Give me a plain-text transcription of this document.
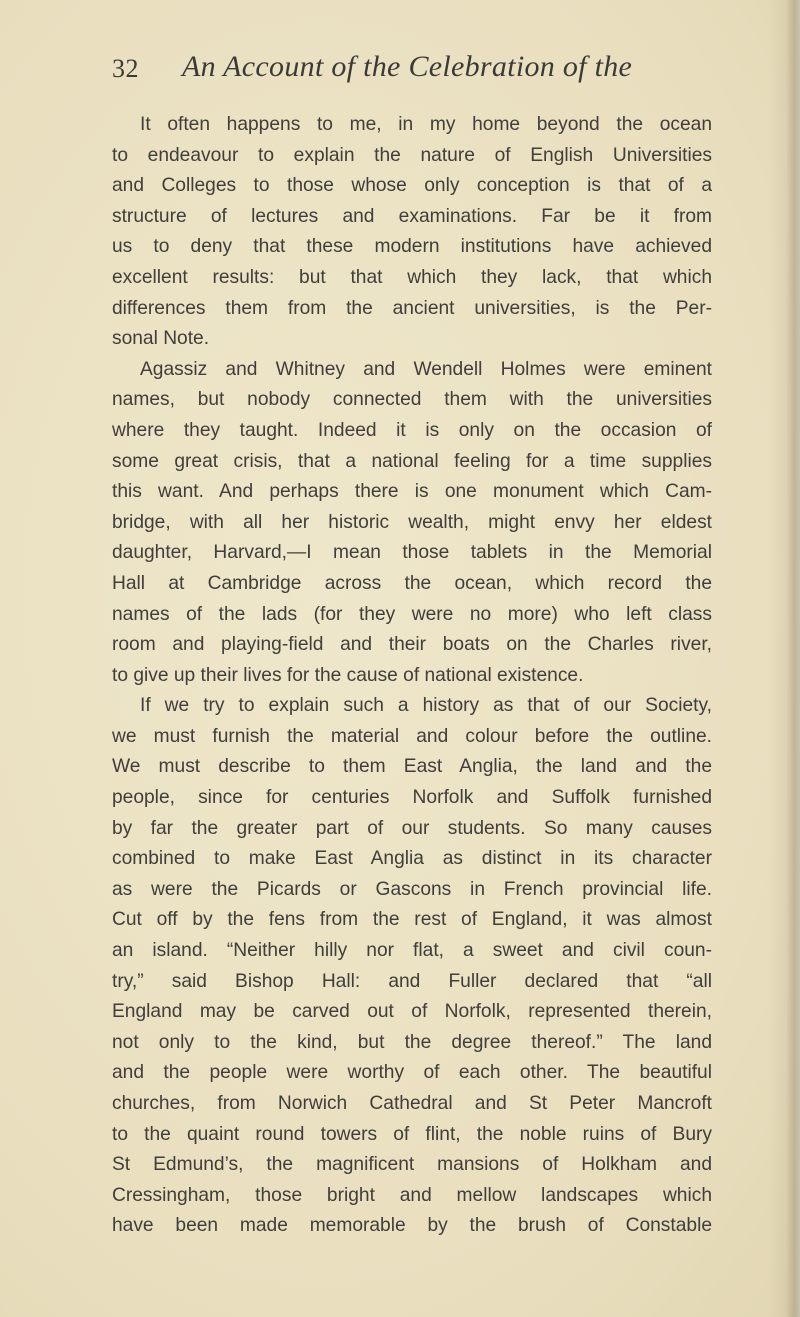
32 An Account of the Celebration of the
It often happens to me, in my home beyond the ocean
to endeavour to explain the nature of English Universities
and Colleges to those whose only conception is that of a
structure of lectures and examinations. Far be it from
us to deny that these modern institutions have achieved
excellent results: but that which they lack, that which
differences them from the ancient universities, is the Per-
sonal Note.
Agassiz and Whitney and Wendell Holmes were eminent
names, but nobody connected them with the universities
where they taught. Indeed it is only on the occasion of
some great crisis, that a national feeling for a time supplies
this want. And perhaps there is one monument which Cam-
bridge, with all her historic wealth, might envy her eldest
daughter, Harvard,—I mean those tablets in the Memorial
Hall at Cambridge across the ocean, which record the
names of the lads (for they were no more) who left class
room and playing-field and their boats on the Charles river,
to give up their lives for the cause of national existence.
If we try to explain such a history as that of our Society,
we must furnish the material and colour before the outline.
We must describe to them East Anglia, the land and the
people, since for centuries Norfolk and Suffolk furnished
by far the greater part of our students. So many causes
combined to make East Anglia as distinct in its character
as were the Picards or Gascons in French provincial life.
Cut off by the fens from the rest of England, it was almost
an island. “Neither hilly nor flat, a sweet and civil coun-
try,” said Bishop Hall: and Fuller declared that “all
England may be carved out of Norfolk, represented therein,
not only to the kind, but the degree thereof.” The land
and the people were worthy of each other. The beautiful
churches, from Norwich Cathedral and St Peter Mancroft
to the quaint round towers of flint, the noble ruins of Bury
St Edmund’s, the magnificent mansions of Holkham and
Cressingham, those bright and mellow landscapes which
have been made memorable by the brush of Constable
